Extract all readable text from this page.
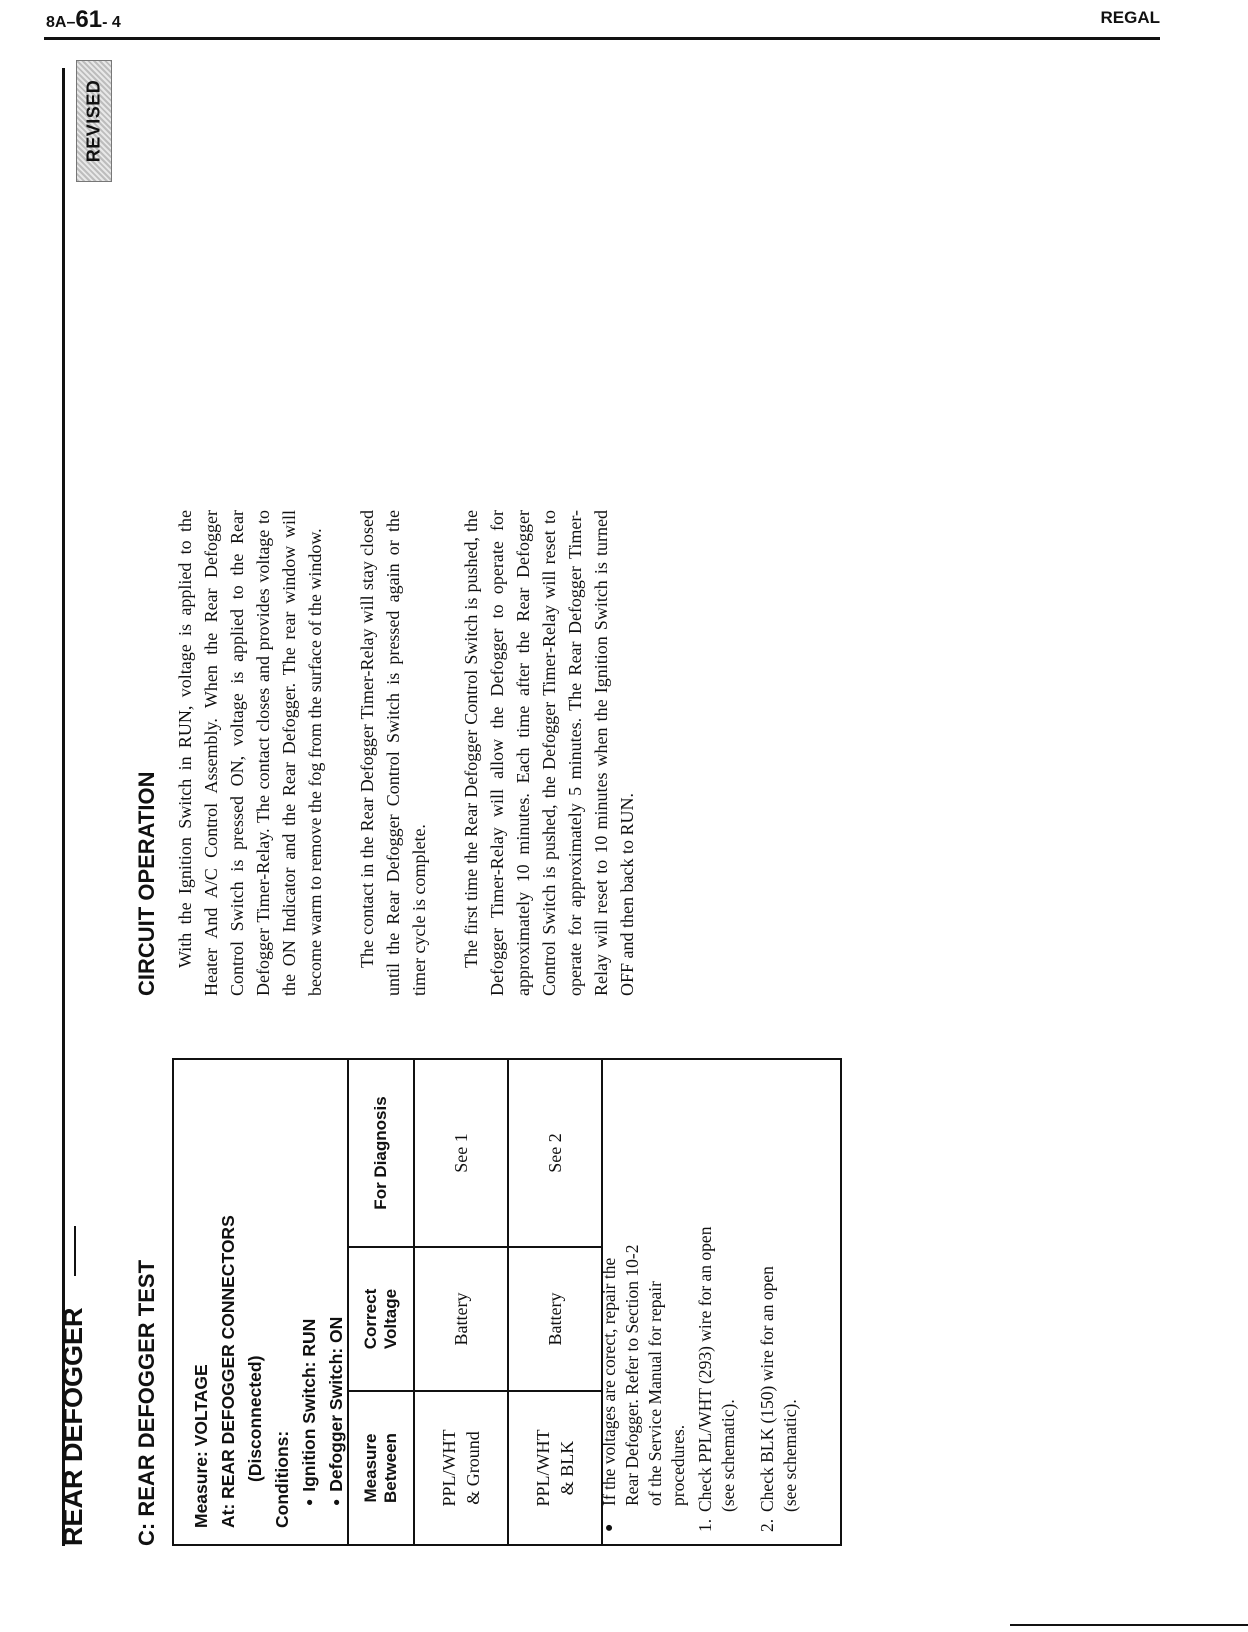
8A–61- 4	REGAL
REVISED
REAR DEFOGGER C: REAR DEFOGGER TEST
CIRCUIT OPERATION
Measure: VOLTAGE At: REAR DEFOGGER CONNECTORS (Disconnected) Conditions: ● Ignition Switch: RUN ● Defogger Switch: ON Measure Between
Correct Voltage
For Diagnosis
PPL/WHT & Ground
Battery
See 1
PPL/WHT & BLK
Battery
See 2
● If the voltages are corect, repair the Rear Defogger. Refer to Section 10-2 of the Service Manual for repair procedures.
1.
Check PPL/WHT (293) wire for an open (see schematic).
2.
Check BLK (150) wire for an open (see schematic).

With the Ignition Switch in RUN, voltage is applied to the Heater And A/C Control Assembly. When the Rear Defogger Control Switch is pressed ON, voltage is applied to the Rear Defogger Timer-Relay. The contact closes and provides voltage to the ON Indicator and the Rear Defogger. The rear window will become warm to remove the fog from the surface of the window. The contact in the Rear Defogger Timer-Relay will stay closed until the Rear Defogger Control Switch is pressed again or the timer cycle is complete. The first time the Rear Defogger Control Switch is pushed, the Defogger Timer-Relay will allow the Defogger to operate for approximately 10 minutes. Each time after the Rear Defogger Control Switch is pushed, the Defogger Timer-Relay will reset to operate for approximately 5 minutes. The Rear Defogger Timer-Relay will reset to 10 minutes when the Ignition Switch is turned OFF and then back to RUN.
